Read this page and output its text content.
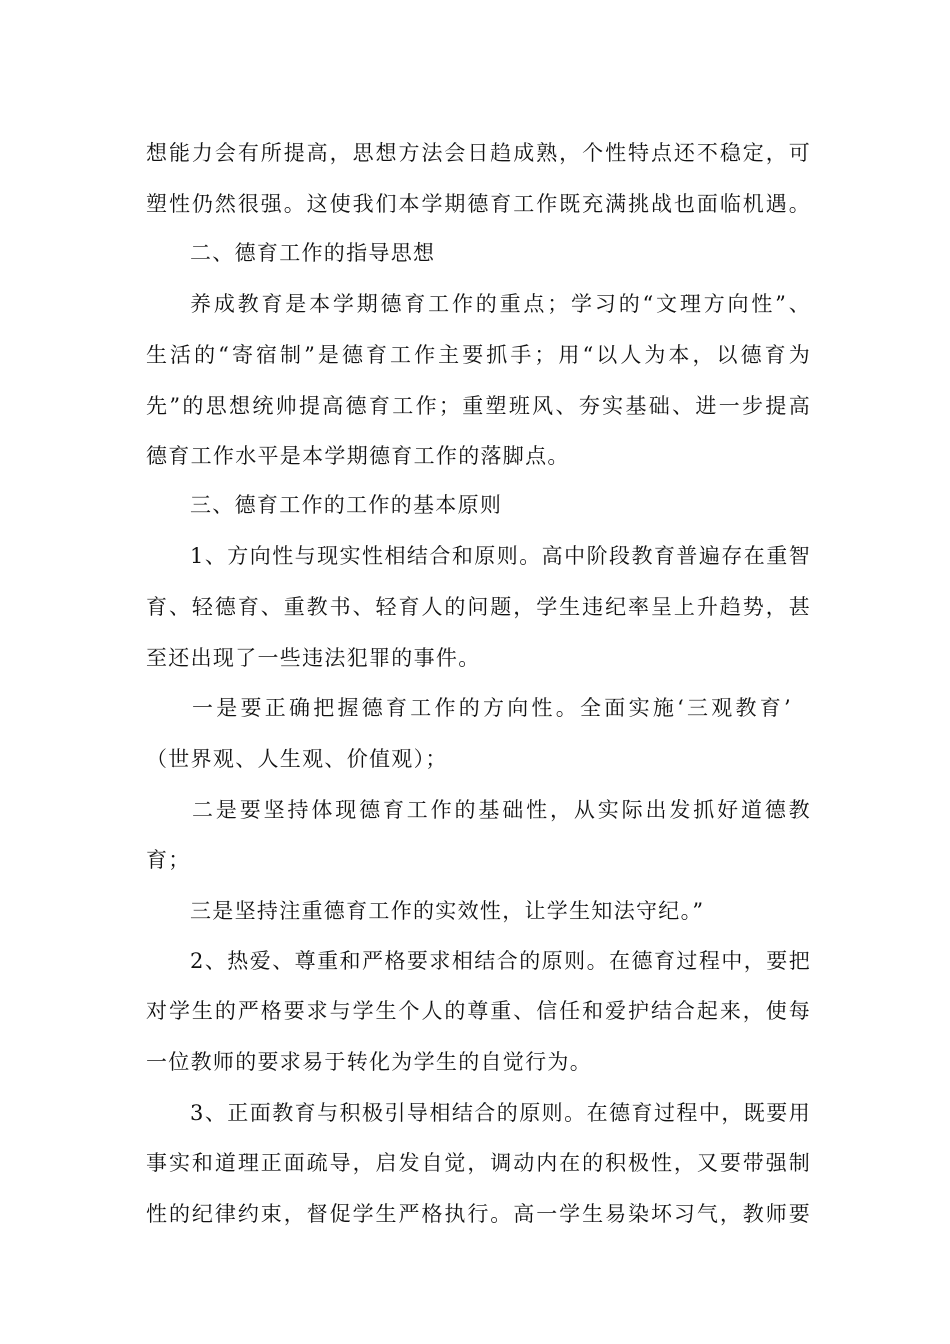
想能力会有所提高，思想方法会日趋成熟，个性特点还不稳定，可
塑性仍然很强。这使我们本学期德育工作既充满挑战也面临机遇。
二、德育工作的指导思想
养成教育是本学期德育工作的重点；学习的“文理方向性”、
生活的“寄宿制”是德育工作主要抓手；用“以人为本，以德育为
先”的思想统帅提高德育工作；重塑班风、夯实基础、进一步提高
德育工作水平是本学期德育工作的落脚点。
三、德育工作的工作的基本原则
1、方向性与现实性相结合和原则。高中阶段教育普遍存在重智
育、轻德育、重教书、轻育人的问题，学生违纪率呈上升趋势，甚
至还出现了一些违法犯罪的事件。
一是要正确把握德育工作的方向性。全面实施‘三观教育’
（世界观、人生观、价值观）；
二是要坚持体现德育工作的基础性，从实际出发抓好道德教
育；
三是坚持注重德育工作的实效性，让学生知法守纪。”
2、热爱、尊重和严格要求相结合的原则。在德育过程中，要把
对学生的严格要求与学生个人的尊重、信任和爱护结合起来，使每
一位教师的要求易于转化为学生的自觉行为。
3、正面教育与积极引导相结合的原则。在德育过程中，既要用
事实和道理正面疏导，启发自觉，调动内在的积极性，又要带强制
性的纪律约束，督促学生严格执行。高一学生易染坏习气，教师要
